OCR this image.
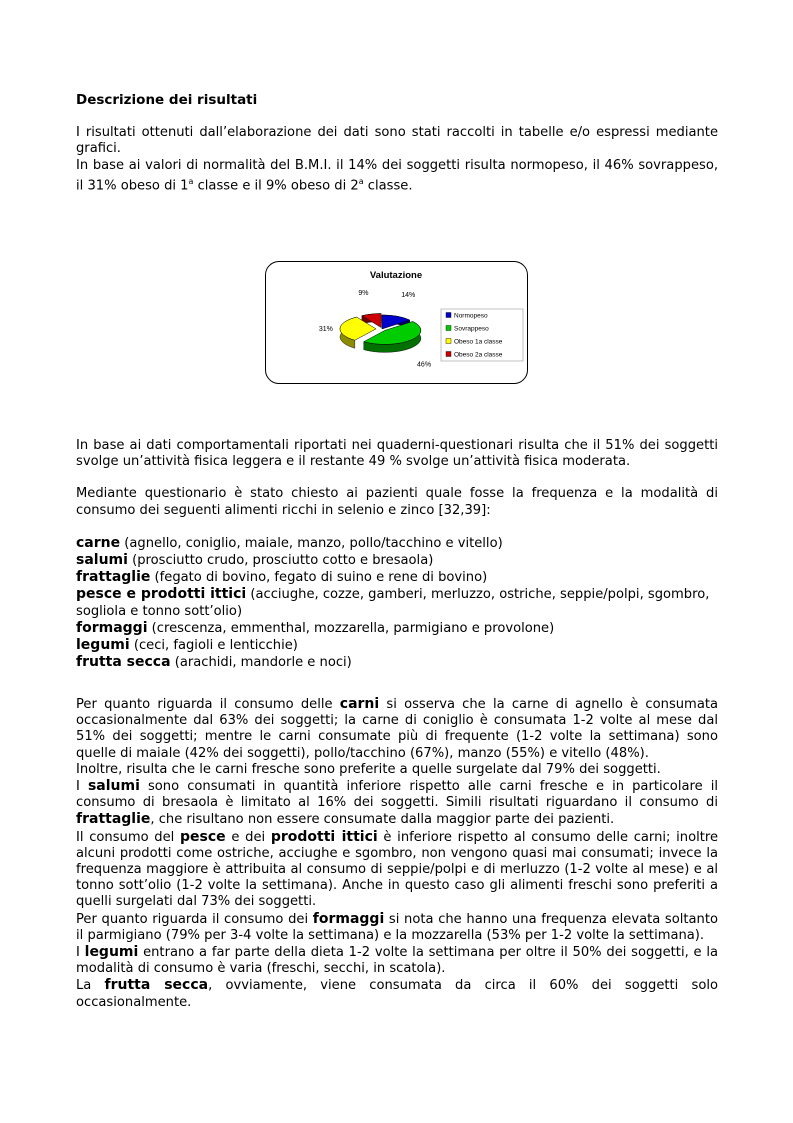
Descrizione dei risultati

I risultati ottenuti dall’elaborazione dei dati sono stati raccolti in tabelle e/o espressi mediante grafici.

In base ai valori di normalità del B.M.I. il 14% dei soggetti risulta normopeso, il 46% sovrappeso, il 31% obeso di 1$^a$ classe e il 9% obeso di 2$^a$ classe.

Valutazione
14%
46%
31%
9%
Normopeso
Sovrappeso
Obeso 1a classe
Obeso 2a classe

In base ai dati comportamentali riportati nei quaderni-questionari risulta che il 51% dei soggetti svolge un’attività fisica leggera e il restante 49 % svolge un’attività fisica moderata.

Mediante questionario è stato chiesto ai pazienti quale fosse la frequenza e la modalità di consumo dei seguenti alimenti ricchi in selenio e zinco [32,39]:

carne (agnello, coniglio, maiale, manzo, pollo/tacchino e vitello)
salumi (prosciutto crudo, prosciutto cotto e bresaola)
frattaglie (fegato di bovino, fegato di suino e rene di bovino)
pesce e prodotti ittici (acciughe, cozze, gamberi, merluzzo, ostriche, seppie/polpi, sgombro, sogliola e tonno sott’olio)
formaggi (crescenza, emmenthal, mozzarella, parmigiano e provolone)
legumi (ceci, fagioli e lenticchie)
frutta secca (arachidi, mandorle e noci)

Per quanto riguarda il consumo delle carni si osserva che la carne di agnello è consumata occasionalmente dal 63% dei soggetti; la carne di coniglio è consumata 1-2 volte al mese dal 51% dei soggetti; mentre le carni consumate più di frequente (1-2 volte la settimana) sono quelle di maiale (42% dei soggetti), pollo/tacchino (67%), manzo (55%) e vitello (48%).

Inoltre, risulta che le carni fresche sono preferite a quelle surgelate dal 79% dei soggetti.

I salumi sono consumati in quantità inferiore rispetto alle carni fresche e in particolare il consumo di bresaola è limitato al 16% dei soggetti. Simili risultati riguardano il consumo di frattaglie, che risultano non essere consumate dalla maggior parte dei pazienti.

Il consumo del pesce e dei prodotti ittici è inferiore rispetto al consumo delle carni; inoltre alcuni prodotti come ostriche, acciughe e sgombro, non vengono quasi mai consumati; invece la frequenza maggiore è attribuita al consumo di seppie/polpi e di merluzzo (1-2 volte al mese) e al tonno sott’olio (1-2 volte la settimana). Anche in questo caso gli alimenti freschi sono preferiti a quelli surgelati dal 73% dei soggetti.

Per quanto riguarda il consumo dei formaggi si nota che hanno una frequenza elevata soltanto il parmigiano (79% per 3-4 volte la settimana) e la mozzarella (53% per 1-2 volte la settimana).

I legumi entrano a far parte della dieta 1-2 volte la settimana per oltre il 50% dei soggetti, e la modalità di consumo è varia (freschi, secchi, in scatola).

La frutta secca, ovviamente, viene consumata da circa il 60% dei soggetti solo occasionalmente.
